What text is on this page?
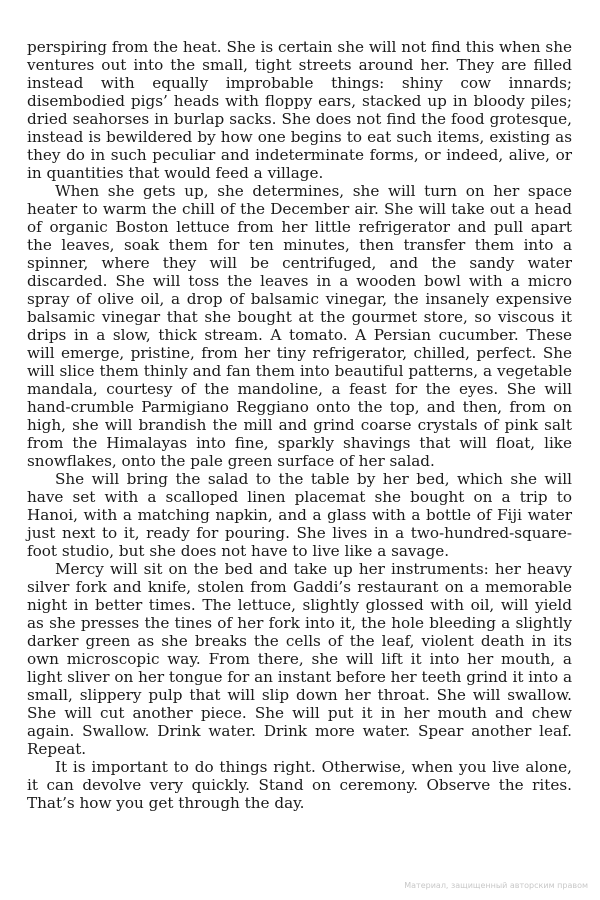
perspiring from the heat. She is certain she will not find this when she ventures out into the small, tight streets around her. They are filled instead with equally improbable things: shiny cow innards; disembodied pigs’ heads with floppy ears, stacked up in bloody piles; dried seahorses in burlap sacks. She does not find the food grotesque, instead is bewildered by how one begins to eat such items, existing as they do in such peculiar and indeterminate forms, or indeed, alive, or in quantities that would feed a village.

When she gets up, she determines, she will turn on her space heater to warm the chill of the December air. She will take out a head of organic Boston lettuce from her little refrigerator and pull apart the leaves, soak them for ten minutes, then transfer them into a spinner, where they will be centrifuged, and the sandy water discarded. She will toss the leaves in a wooden bowl with a micro spray of olive oil, a drop of balsamic vinegar, the insanely expensive balsamic vinegar that she bought at the gourmet store, so viscous it drips in a slow, thick stream. A tomato. A Persian cucumber. These will emerge, pristine, from her tiny refrigerator, chilled, perfect. She will slice them thinly and fan them into beautiful patterns, a vegetable mandala, courtesy of the mandoline, a feast for the eyes. She will hand-crumble Parmigiano Reggiano onto the top, and then, from on high, she will brandish the mill and grind coarse crystals of pink salt from the Himalayas into fine, sparkly shavings that will float, like snowflakes, onto the pale green surface of her salad.

She will bring the salad to the table by her bed, which she will have set with a scalloped linen placemat she bought on a trip to Hanoi, with a matching napkin, and a glass with a bottle of Fiji water just next to it, ready for pouring. She lives in a two-hundred-square-foot studio, but she does not have to live like a savage.

Mercy will sit on the bed and take up her instruments: her heavy silver fork and knife, stolen from Gaddi’s restaurant on a memorable night in better times. The lettuce, slightly glossed with oil, will yield as she presses the tines of her fork into it, the hole bleeding a slightly darker green as she breaks the cells of the leaf, violent death in its own microscopic way. From there, she will lift it into her mouth, a light sliver on her tongue for an instant before her teeth grind it into a small, slippery pulp that will slip down her throat. She will swallow. She will cut another piece. She will put it in her mouth and chew again. Swallow. Drink water. Drink more water. Spear another leaf. Repeat.

It is important to do things right. Otherwise, when you live alone, it can devolve very quickly. Stand on ceremony. Observe the rites. That’s how you get through the day.

Материал, защищенный авторским правом
